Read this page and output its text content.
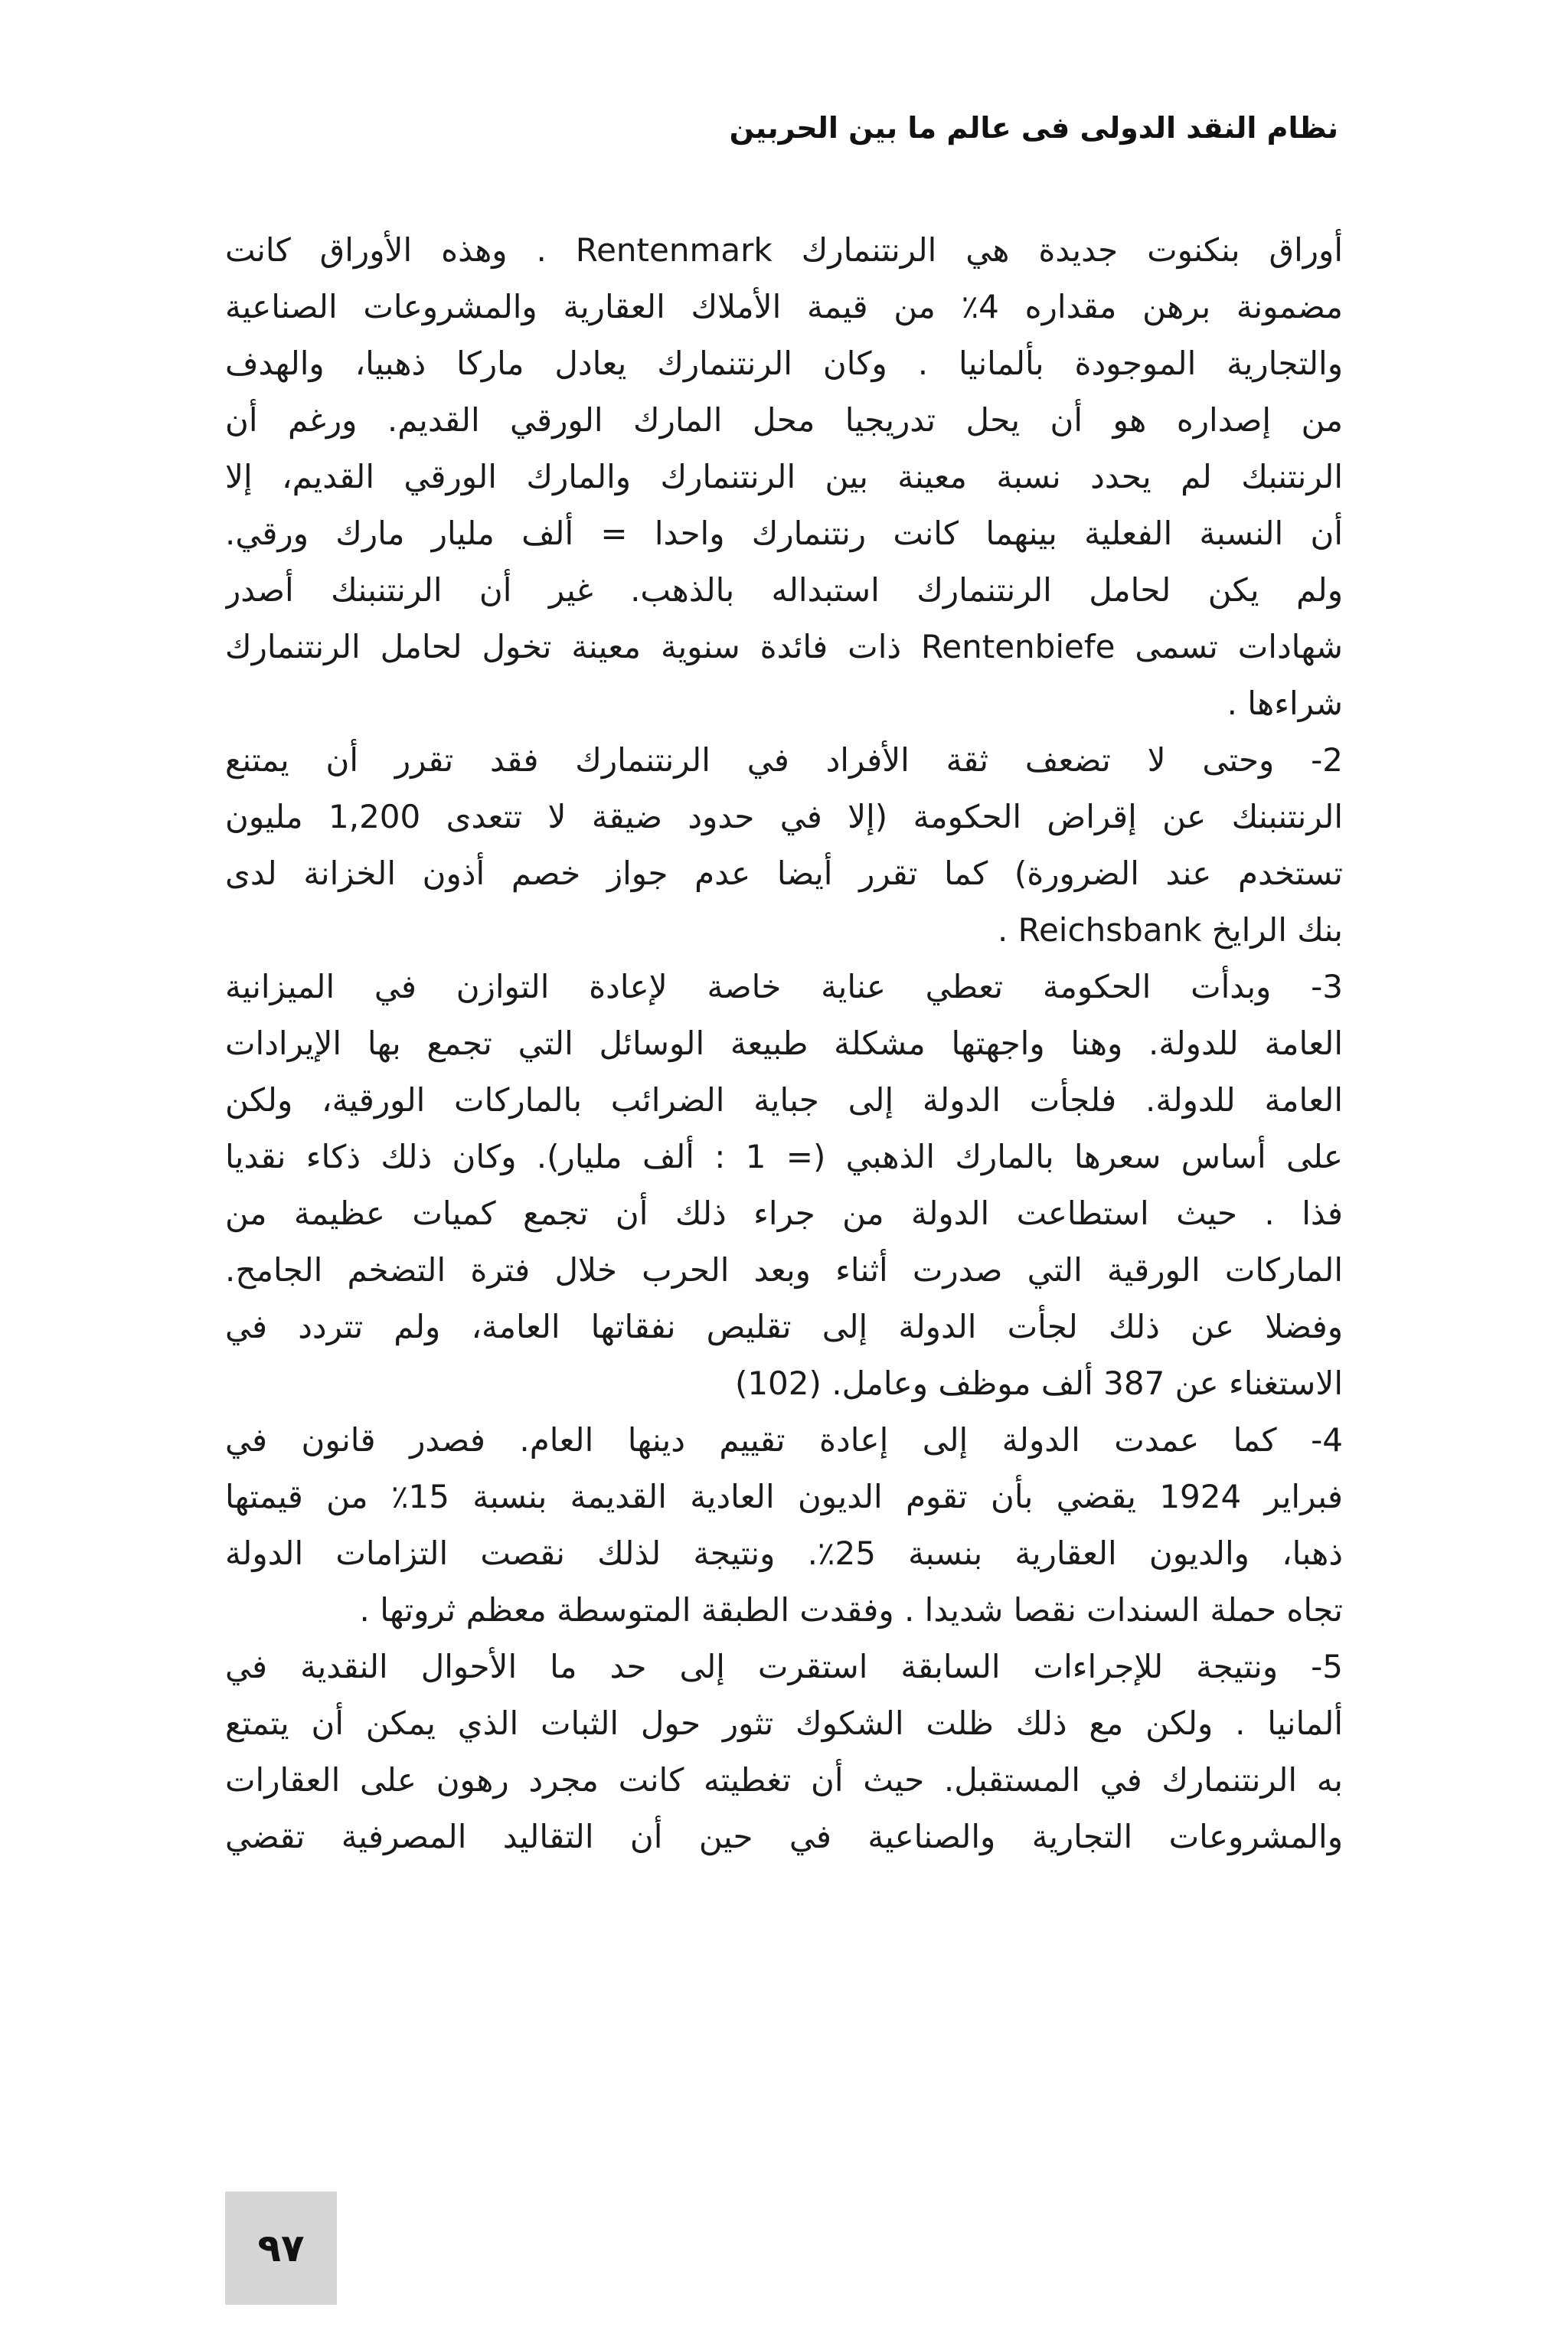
نظام النقد الدولى فى عالم ما بين الحربين
أوراق بنكنوت جديدة هي الرنتنمارك Rentenmark . وهذه الأوراق كانت
مضمونة برهن مقداره 4٪ من قيمة الأملاك العقارية والمشروعات الصناعية
والتجارية الموجودة بألمانيا . وكان الرنتنمارك يعادل ماركا ذهبيا، والهدف
من إصداره هو أن يحل تدريجيا محل المارك الورقي القديم. ورغم أن
الرنتنبك لم يحدد نسبة معينة بين الرنتنمارك والمارك الورقي القديم، إلا
أن النسبة الفعلية بينهما كانت رنتنمارك واحدا = ألف مليار مارك ورقي.
ولم يكن لحامل الرنتنمارك استبداله بالذهب. غير أن الرنتنبنك أصدر
شهادات تسمى Rentenbiefe ذات فائدة سنوية معينة تخول لحامل الرنتنمارك
شراءها .
2- وحتى لا تضعف ثقة الأفراد في الرنتنمارك فقد تقرر أن يمتنع
الرنتنبنك عن إقراض الحكومة (إلا في حدود ضيقة لا تتعدى 1,200 مليون
تستخدم عند الضرورة) كما تقرر أيضا عدم جواز خصم أذون الخزانة لدى
بنك الرايخ Reichsbank .
3- وبدأت الحكومة تعطي عناية خاصة لإعادة التوازن في الميزانية
العامة للدولة. وهنا واجهتها مشكلة طبيعة الوسائل التي تجمع بها الإيرادات
العامة للدولة. فلجأت الدولة إلى جباية الضرائب بالماركات الورقية، ولكن
على أساس سعرها بالمارك الذهبي (= 1 : ألف مليار). وكان ذلك ذكاء نقديا
فذا . حيث استطاعت الدولة من جراء ذلك أن تجمع كميات عظيمة من
الماركات الورقية التي صدرت أثناء وبعد الحرب خلال فترة التضخم الجامح.
وفضلا عن ذلك لجأت الدولة إلى تقليص نفقاتها العامة، ولم تتردد في
الاستغناء عن 387 ألف موظف وعامل. (102)
4- كما عمدت الدولة إلى إعادة تقييم دينها العام. فصدر قانون في
فبراير 1924 يقضي بأن تقوم الديون العادية القديمة بنسبة 15٪ من قيمتها
ذهبا، والديون العقارية بنسبة 25٪. ونتيجة لذلك نقصت التزامات الدولة
تجاه حملة السندات نقصا شديدا . وفقدت الطبقة المتوسطة معظم ثروتها .
5- ونتيجة للإجراءات السابقة استقرت إلى حد ما الأحوال النقدية في
ألمانيا . ولكن مع ذلك ظلت الشكوك تثور حول الثبات الذي يمكن أن يتمتع
به الرنتنمارك في المستقبل. حيث أن تغطيته كانت مجرد رهون على العقارات
والمشروعات التجارية والصناعية في حين أن التقاليد المصرفية تقضي
٩٧
